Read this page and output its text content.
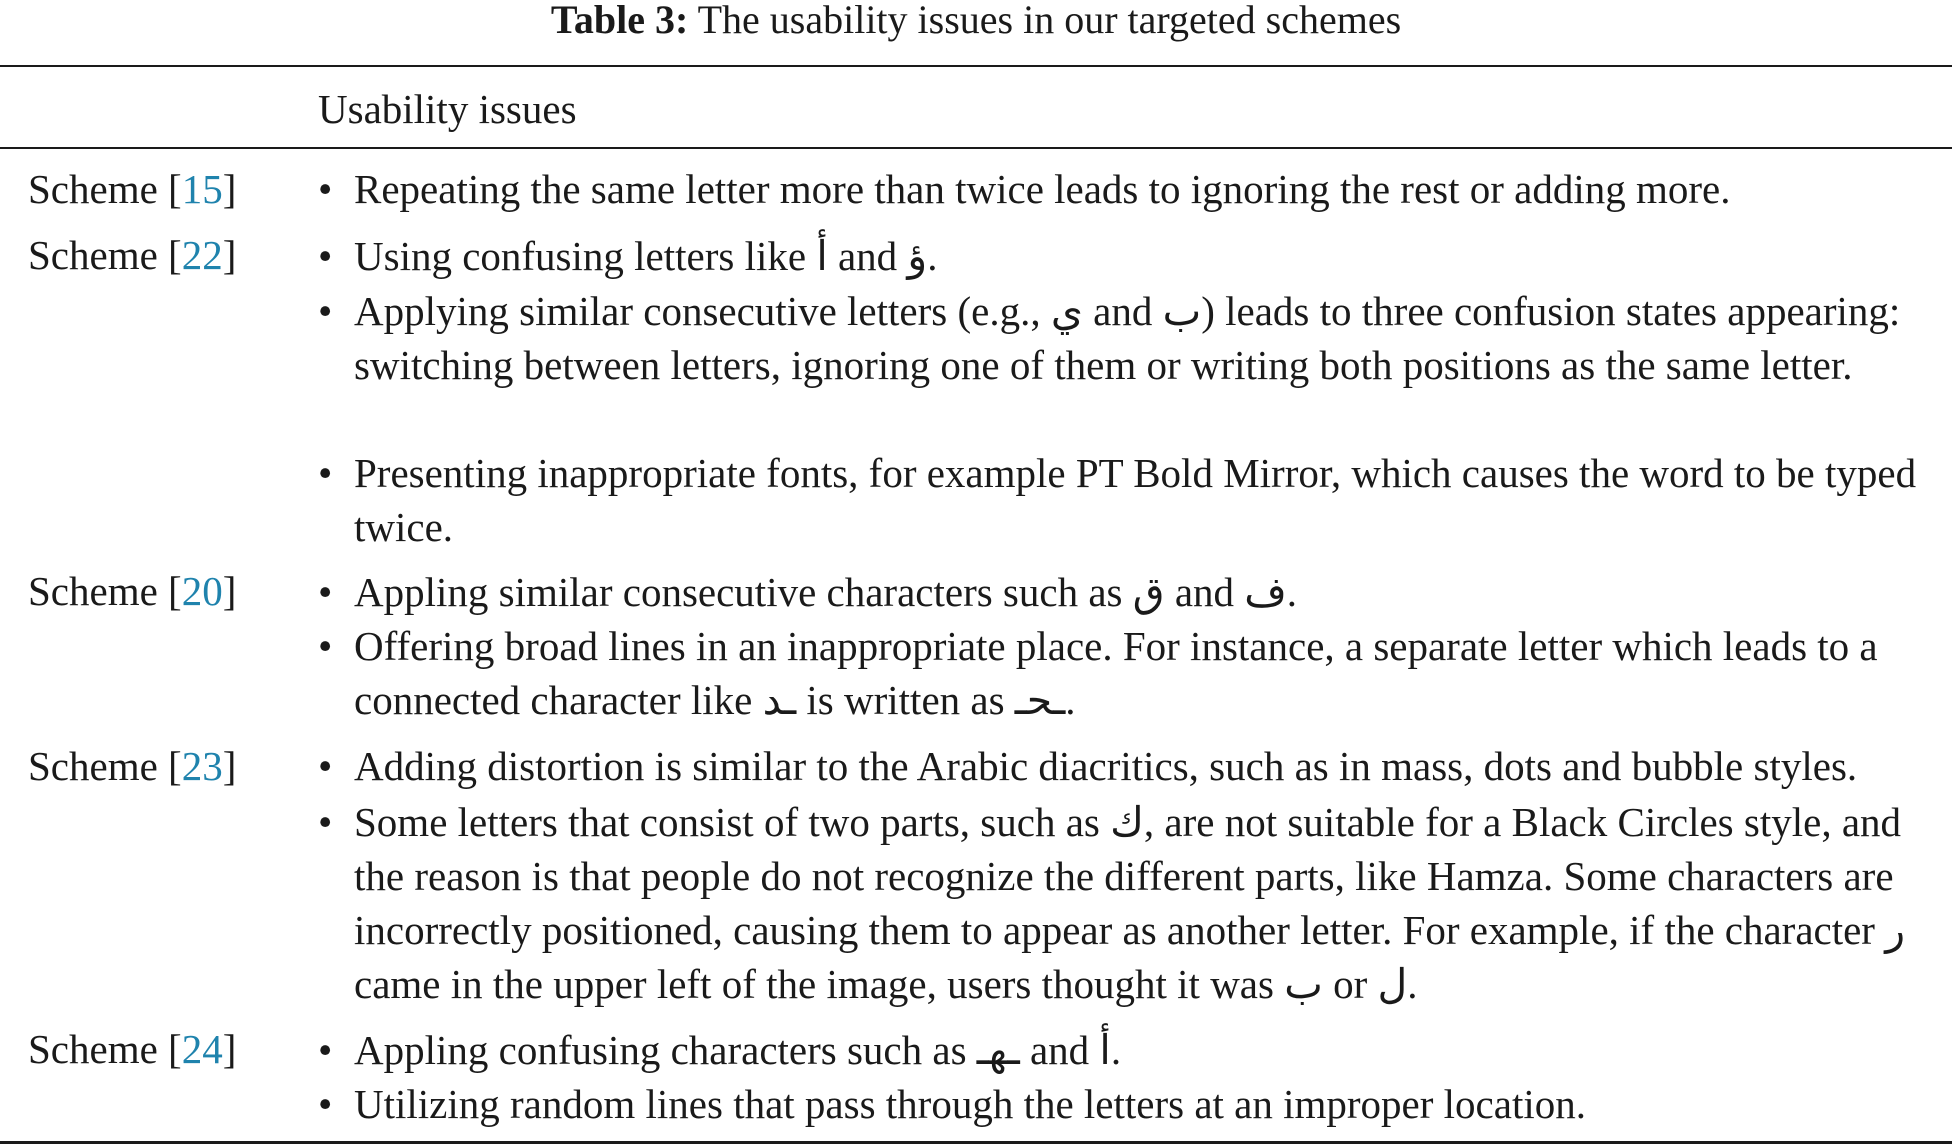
Table 3: The usability issues in our targeted schemes
Usability issues
Scheme [15] • Repeating the same letter more than twice leads to ignoring the rest or adding more.
Scheme [22] • Using confusing letters like أ and ؤ.
• Applying similar consecutive letters (e.g., ي and ب) leads to three confusion states appearing: switching between letters, ignoring one of them or writing both positions as the same letter.
• Presenting inappropriate fonts, for example PT Bold Mirror, which causes the word to be typed twice.
Scheme [20] • Appling similar consecutive characters such as ق and ف.
• Offering broad lines in an inappropriate place. For instance, a separate letter which leads to a connected character like ـد is written as ـحـ.
Scheme [23] • Adding distortion is similar to the Arabic diacritics, such as in mass, dots and bubble styles.
• Some letters that consist of two parts, such as ك, are not suitable for a Black Circles style, and the reason is that people do not recognize the different parts, like Hamza. Some characters are incorrectly positioned, causing them to appear as another letter. For example, if the character ر came in the upper left of the image, users thought it was ب or ل.
Scheme [24] • Appling confusing characters such as ـهـ and أ.
• Utilizing random lines that pass through the letters at an improper location.
